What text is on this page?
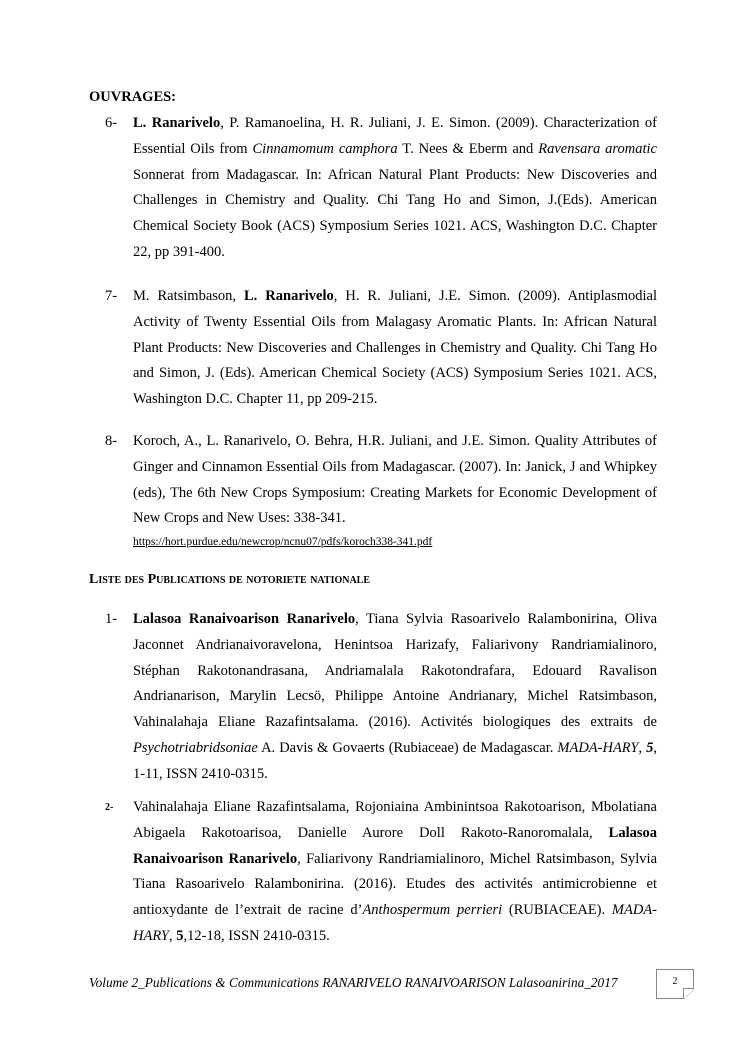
OUVRAGES:
6-	L. Ranarivelo, P. Ramanoelina, H. R. Juliani, J. E. Simon. (2009). Characterization of Essential Oils from Cinnamomum camphora T. Nees & Eberm and Ravensara aromatic Sonnerat from Madagascar. In: African Natural Plant Products: New Discoveries and Challenges in Chemistry and Quality. Chi Tang Ho and Simon, J.(Eds). American Chemical Society Book (ACS) Symposium Series 1021. ACS, Washington D.C. Chapter 22, pp 391-400.
7-	M. Ratsimbason, L. Ranarivelo, H. R. Juliani, J.E. Simon. (2009). Antiplasmodial Activity of Twenty Essential Oils from Malagasy Aromatic Plants. In: African Natural Plant Products: New Discoveries and Challenges in Chemistry and Quality. Chi Tang Ho and Simon, J. (Eds). American Chemical Society (ACS) Symposium Series 1021. ACS, Washington D.C. Chapter 11, pp 209-215.
8-	Koroch, A., L. Ranarivelo, O. Behra, H.R. Juliani, and J.E. Simon. Quality Attributes of Ginger and Cinnamon Essential Oils from Madagascar. (2007). In: Janick, J and Whipkey (eds), The 6th New Crops Symposium: Creating Markets for Economic Development of New Crops and New Uses: 338-341.
https://hort.purdue.edu/newcrop/ncnu07/pdfs/koroch338-341.pdf
Liste des Publications de notoriete nationale
1-	Lalasoa Ranaivoarison Ranarivelo, Tiana Sylvia Rasoarivelo Ralambonirina, Oliva Jaconnet Andrianaivoravelona, Henintsoa Harizafy, Faliarivony Randriamialinoro, Stéphan Rakotonandrasana, Andriamalala Rakotondrafara, Edouard Ravalison Andrianarison, Marylin Lecsö, Philippe Antoine Andrianary, Michel Ratsimbason, Vahinalahaja Eliane Razafintsalama. (2016). Activités biologiques des extraits de Psychotriabridsoniae A. Davis & Govaerts (Rubiaceae) de Madagascar. MADA-HARY, 5, 1-11, ISSN 2410-0315.
2-	Vahinalahaja Eliane Razafintsalama, Rojoniaina Ambinintsoa Rakotoarison, Mbolatiana Abigaela Rakotoarisoa, Danielle Aurore Doll Rakoto-Ranoromalala, Lalasoa Ranaivoarison Ranarivelo, Faliarivony Randriamialinoro, Michel Ratsimbason, Sylvia Tiana Rasoarivelo Ralambonirina. (2016). Etudes des activités antimicrobienne et antioxydante de l’extrait de racine d’Anthospermum perrieri (RUBIACEAE). MADA-HARY, 5,12-18, ISSN 2410-0315.
Volume 2_Publications & Communications RANARIVELO RANAIVOARISON Lalasoanirina_2017	2
